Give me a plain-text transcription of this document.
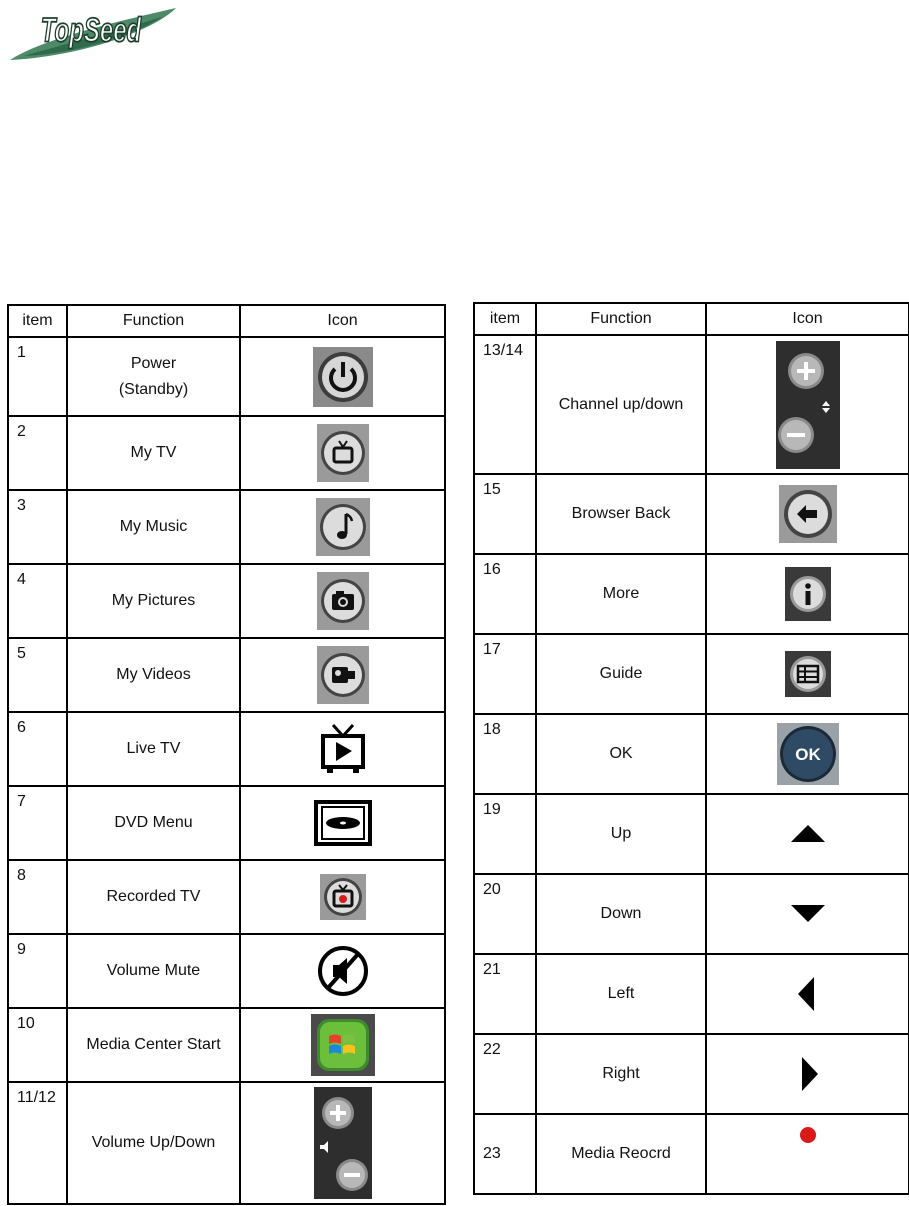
TopSeed
item	Function	Icon
1	Power
(Standby)

2	My TV	

3	My Music	

4	My Pictures	

5	My Videos	

6	Live TV	

7	DVD Menu	

8	Recorded TV	

9	Volume Mute	

10	Media Center Start	

11/12	Volume Up/Down	
item	Function	Icon
13/14	Channel up/down	

15	Browser Back	

16	More	

17	Guide	

18	OK	OK

19	Up	

20	Down	

21	Left	

22	Right	

23	Media Reocrd	
